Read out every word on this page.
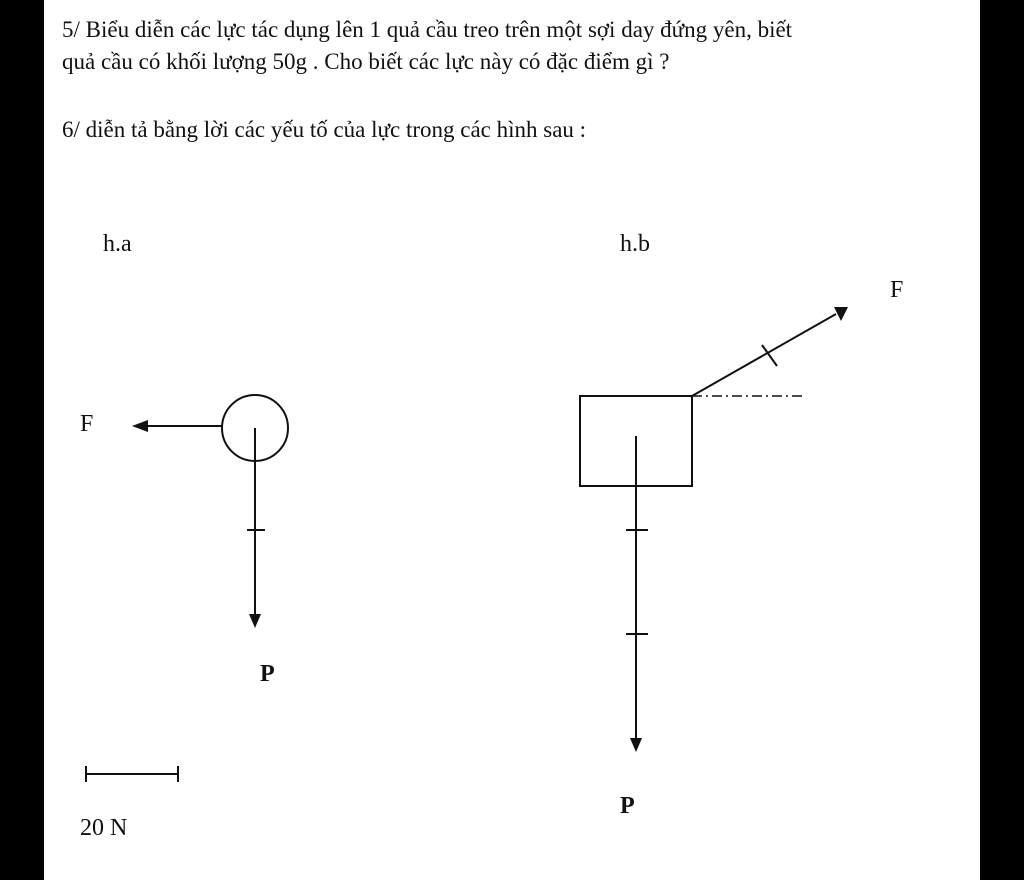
5/ Biểu diễn các lực tác dụng lên 1 quả cầu treo trên một sợi day đứng yên, biết
quả cầu có khối lượng 50g . Cho biết các lực này có đặc điểm gì ?
6/ diễn tả bằng lời các yếu tố của lực trong các hình sau :
h.a	h.b
F
P
F
P
20 N
